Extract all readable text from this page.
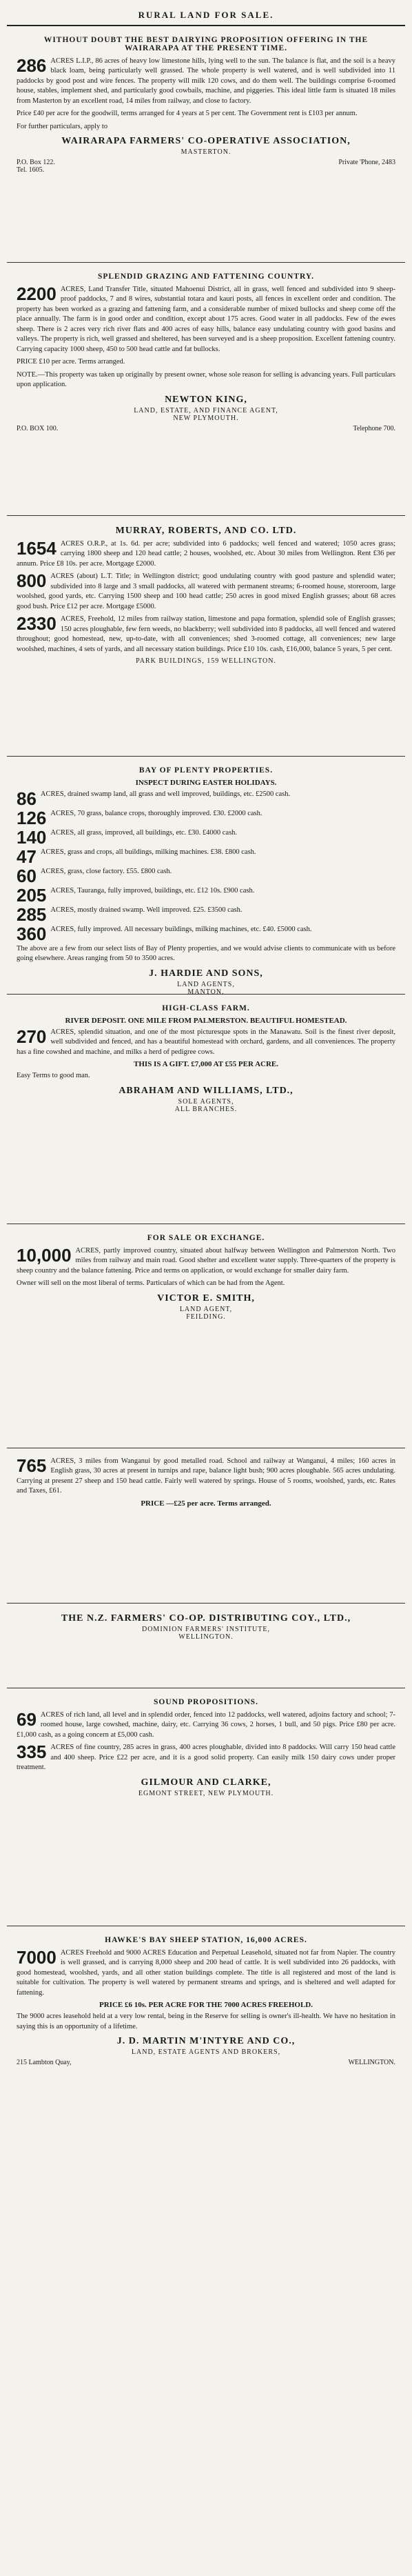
RURAL LAND FOR SALE.
WITHOUT DOUBT THE BEST DAIRYING PROPOSITION OFFERING IN THE WAIRARAPA AT THE PRESENT TIME.
286 ACRES L.I.P., 86 acres of heavy low limestone hills, lying well to the sun. The balance is flat, and the soil is a heavy black loam, being particularly well grassed. The whole property is well watered, and is well subdivided into 11 paddocks by good post and wire fences. The property will milk 120 cows, and do them well. The buildings comprise 6-roomed house, stables, implement shed, and particularly good cowbails, machine, and piggeries. This ideal little farm is situated 18 miles from Masterton by an excellent road, 14 miles from railway, and close to factory.
Price £40 per acre for the goodwill, terms arranged for 4 years at 5 per cent. The Government rent is £103 per annum.
For further particulars, apply to
WAIRARAPA FARMERS' CO-OPERATIVE ASSOCIATION,
MASTERTON.
P.O. Box 122.
Tel. 1605.
Private 'Phone, 2483
SPLENDID GRAZING AND FATTENING COUNTRY.
2200 ACRES, Land Transfer Title, situated Mahoenui District, all in grass, well fenced and subdivided into 9 sheep-proof paddocks, 7 and 8 wires, substantial totara and kauri posts, all fences in excellent order and condition. The property has been worked as a grazing and fattening farm, and a considerable number of mixed bullocks and sheep come off the place annually. The farm is in good order and condition, except about 175 acres. Good water in all paddocks. Few of the ewes sheep. There is 2 acres very rich river flats and 400 acres of easy hills, balance easy undulating country with good basins and valleys. The property is rich, well grassed and sheltered, has been surveyed and is a sheep proposition. Excellent fattening country. Carrying capacity 1000 sheep, 450 to 500 head cattle and fat bullocks.
PRICE £10 per acre. Terms arranged.
NOTE.—This property was taken up originally by present owner, whose sole reason for selling is advancing years. Full particulars upon application.
NEWTON KING,
LAND, ESTATE, AND FINANCE AGENT,
NEW PLYMOUTH.
P.O. BOX 100.	Telephone 700.
MURRAY, ROBERTS, AND CO. LTD.
1654 ACRES O.R.P., at 1s. 6d. per acre; subdivided into 6 paddocks; well fenced and watered; 1050 acres grass; carrying 1800 sheep and 120 head cattle; 2 houses, woolshed, etc. About 30 miles from Wellington. Rent £36 per annum. Price £8 10s. per acre. Mortgage £2000.
800 ACRES (about) L.T. Title; in Wellington district; good undulating country with good pasture and splendid water; subdivided into 8 large and 3 small paddocks, all watered with permanent streams; 6-roomed house, storeroom, large woolshed, good yards, etc. Carrying 1500 sheep and 100 head cattle; 250 acres in good mixed English grasses; about 68 acres good bush. Price £12 per acre. Mortgage £5000.
2330 ACRES, Freehold, 12 miles from railway station, limestone and papa formation, splendid sole of English grasses; 150 acres ploughable, few fern weeds, no blackberry; well subdivided into 8 paddocks, all well fenced and watered throughout; good homestead, new, up-to-date, with all conveniences; shed 3-roomed cottage, all conveniences; new large woolshed, machines, 4 sets of yards, and all necessary station buildings. Price £10 10s. cash, £16,000, balance 5 years, 5 per cent.
PARK BUILDINGS, 159 WELLINGTON.
BAY OF PLENTY PROPERTIES.
INSPECT DURING EASTER HOLIDAYS.
86 ACRES, drained swamp land, all grass and well improved, buildings, etc. £2500 cash.
126 ACRES, 70 grass, balance crops, thoroughly improved. £30. £2000 cash.
140 ACRES, all grass, improved, all buildings, etc. £30. £4000 cash.
47 ACRES, grass and crops, all buildings, milking machines. £38. £800 cash.
60 ACRES, grass, close factory. £55. £800 cash.
205 ACRES, Tauranga, fully improved, buildings, etc. £12 10s. £900 cash.
285 ACRES, mostly drained swamp. Well improved. £25. £3500 cash.
360 ACRES, fully improved. All necessary buildings, milking machines, etc. £40. £5000 cash.
The above are a few from our select lists of Bay of Plenty properties, and we would advise clients to communicate with us before going elsewhere. Areas ranging from 50 to 3500 acres.
J. HARDIE AND SONS,
LAND AGENTS,
MANTON.
HIGH-CLASS FARM.
RIVER DEPOSIT. ONE MILE FROM PALMERSTON. BEAUTIFUL HOMESTEAD.
270 ACRES, splendid situation, and one of the most picturesque spots in the Manawatu. Soil is the finest river deposit, well subdivided and fenced, and has a beautiful homestead with orchard, gardens, and all conveniences. The property has a fine cowshed and machine, and milks a herd of pedigree cows.
THIS IS A GIFT. £7,000 AT £55 PER ACRE.
Easy Terms to good man.
ABRAHAM AND WILLIAMS, LTD.,
SOLE AGENTS,
ALL BRANCHES.
FOR SALE OR EXCHANGE.
10,000 ACRES, partly improved country, situated about halfway between Wellington and Palmerston North. Two miles from railway and main road. Good shelter and excellent water supply. Three-quarters of the property is sheep country and the balance fattening. Price and terms on application, or would exchange for smaller dairy farm.
Owner will sell on the most liberal of terms. Particulars of which can be had from the Agent.
VICTOR E. SMITH,
LAND AGENT,
FEILDING.
765 ACRES, 3 miles from Wanganui by good metalled road. School and railway at Wanganui, 4 miles; 160 acres in English grass, 30 acres at present in turnips and rape, balance light bush; 900 acres ploughable. 565 acres undulating. Carrying at present 27 sheep and 150 head cattle. Fairly well watered by springs. House of 5 rooms, woolshed, yards, etc. Rates and Taxes, £61.
PRICE —£25 per acre. Terms arranged.
THE N.Z. FARMERS' CO-OP. DISTRIBUTING COY., LTD.,
DOMINION FARMERS' INSTITUTE,
WELLINGTON.
SOUND PROPOSITIONS.
69 ACRES of rich land, all level and in splendid order, fenced into 12 paddocks, well watered, adjoins factory and school; 7-roomed house, large cowshed, machine, dairy, etc. Carrying 36 cows, 2 horses, 1 bull, and 50 pigs. Price £80 per acre. £1,000 cash, as a going concern at £5,000 cash.
335 ACRES of fine country, 285 acres in grass, 400 acres ploughable, divided into 8 paddocks. Will carry 150 head cattle and 400 sheep. Price £22 per acre, and it is a good solid property. Can easily milk 150 dairy cows under proper treatment.
GILMOUR AND CLARKE,
EGMONT STREET, NEW PLYMOUTH.
HAWKE'S BAY SHEEP STATION, 16,000 ACRES.
7000 ACRES Freehold and 9000 ACRES Education and Perpetual Leasehold, situated not far from Napier. The country is well grassed, and is carrying 8,000 sheep and 200 head of cattle. It is well subdivided into 26 paddocks, with good homestead, woolshed, yards, and all other station buildings complete. The title is all registered and most of the land is suitable for cultivation. The property is well watered by permanent streams and springs, and is sheltered and well adapted for fattening.
PRICE £6 10s. PER ACRE FOR THE 7000 ACRES FREEHOLD.
The 9000 acres leasehold held at a very low rental, being in the Reserve for selling is owner's ill-health. We have no hesitation in saying this is an opportunity of a lifetime.
J. D. MARTIN M'INTYRE AND CO.,
LAND, ESTATE AGENTS AND BROKERS,
215 Lambton Quay,	WELLINGTON.
